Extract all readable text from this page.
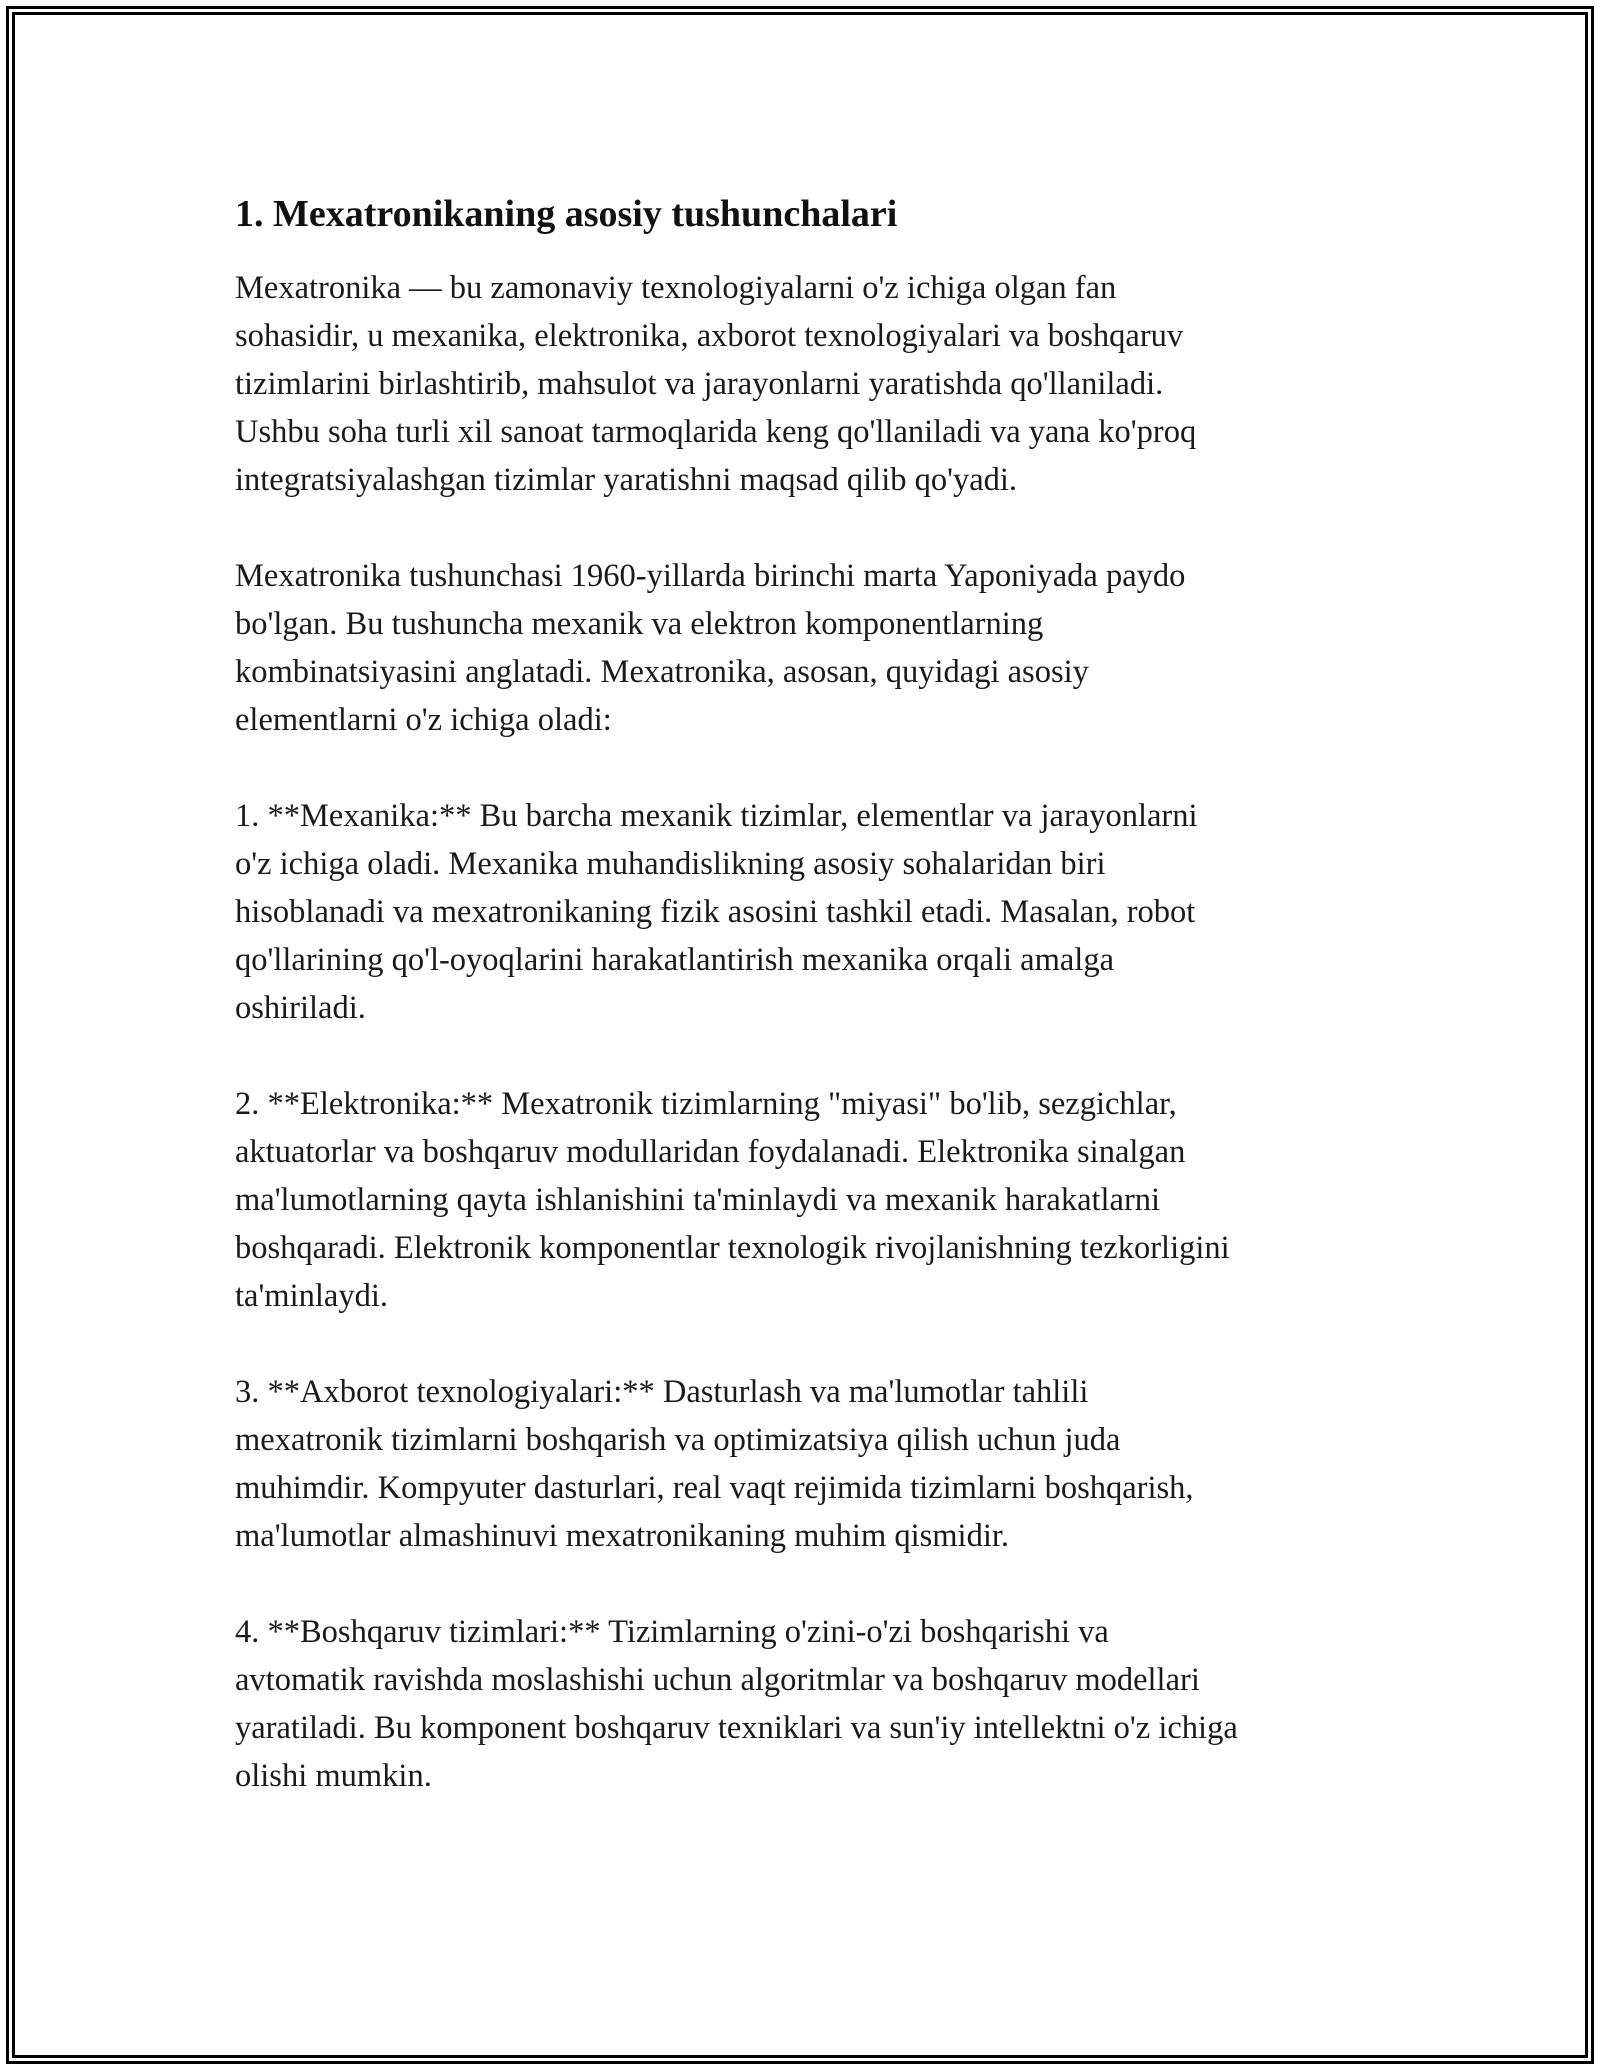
1. Mexatronikaning asosiy tushunchalari

Mexatronika — bu zamonaviy texnologiyalarni o'z ichiga olgan fan
sohasidir, u mexanika, elektronika, axborot texnologiyalari va boshqaruv
tizimlarini birlashtirib, mahsulot va jarayonlarni yaratishda qo'llaniladi.
Ushbu soha turli xil sanoat tarmoqlarida keng qo'llaniladi va yana ko'proq
integratsiyalashgan tizimlar yaratishni maqsad qilib qo'yadi.

Mexatronika tushunchasi 1960-yillarda birinchi marta Yaponiyada paydo
bo'lgan. Bu tushuncha mexanik va elektron komponentlarning
kombinatsiyasini anglatadi. Mexatronika, asosan, quyidagi asosiy
elementlarni o'z ichiga oladi:

1. **Mexanika:** Bu barcha mexanik tizimlar, elementlar va jarayonlarni
o'z ichiga oladi. Mexanika muhandislikning asosiy sohalaridan biri
hisoblanadi va mexatronikaning fizik asosini tashkil etadi. Masalan, robot
qo'llarining qo'l-oyoqlarini harakatlantirish mexanika orqali amalga
oshiriladi.

2. **Elektronika:** Mexatronik tizimlarning "miyasi" bo'lib, sezgichlar,
aktuatorlar va boshqaruv modullaridan foydalanadi. Elektronika sinalgan
ma'lumotlarning qayta ishlanishini ta'minlaydi va mexanik harakatlarni
boshqaradi. Elektronik komponentlar texnologik rivojlanishning tezkorligini
ta'minlaydi.

3. **Axborot texnologiyalari:** Dasturlash va ma'lumotlar tahlili
mexatronik tizimlarni boshqarish va optimizatsiya qilish uchun juda
muhimdir. Kompyuter dasturlari, real vaqt rejimida tizimlarni boshqarish,
ma'lumotlar almashinuvi mexatronikaning muhim qismidir.

4. **Boshqaruv tizimlari:** Tizimlarning o'zini-o'zi boshqarishi va
avtomatik ravishda moslashishi uchun algoritmlar va boshqaruv modellari
yaratiladi. Bu komponent boshqaruv texniklari va sun'iy intellektni o'z ichiga
olishi mumkin.
